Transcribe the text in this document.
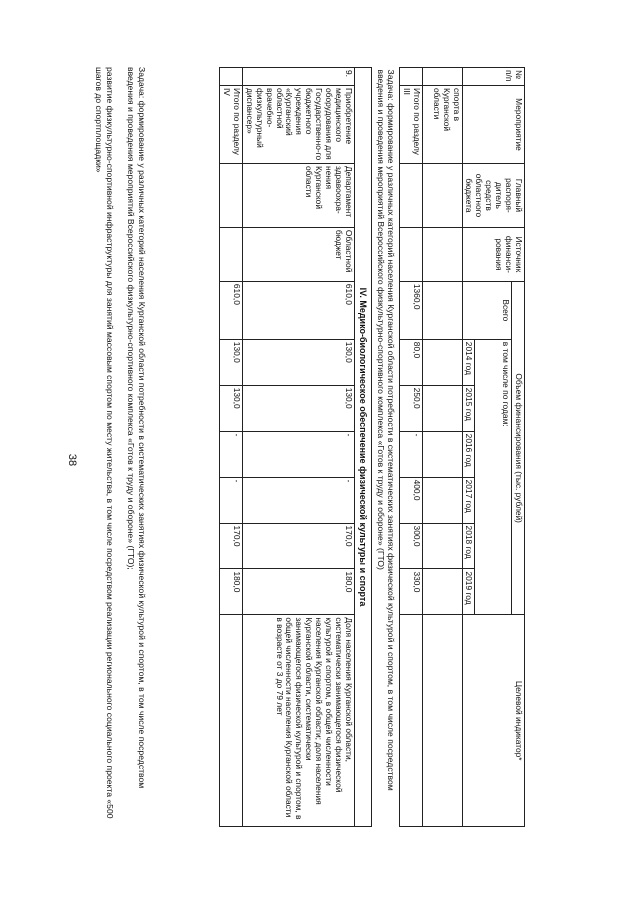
38
№ п/п	Мероприятие	Главный распоря-дитель средств областного бюджета	Источник финанси-рования	Объем финансирования (тыс. рублей)							Целевой индикатор*
				Всего	в том числе по годам:						
					2014 год	2015 год	2016 год	2017 год	2018 год	2019 год	
	спорта в Курганской области										
	Итого по разделу III			1360,0	80,0	250,0	-	400,0	300,0	330,0	
Задача: формирование у различных категорий населения Курганской области потребности в систематических занятиях физической культурой и спортом, в том числе посредством введения и проведения мероприятий Всероссийского физкультурно-спортивного комплекса «Готов к труду и обороне» (ГТО)											
IV. Медико-биологическое обеспечение физической культуры и спорта											
9.	Приобретение медицинского оборудования для Государственно-го бюджетного учреждения «Курганский областной врачебно-физкультурный диспансер»	Департамент здравоохра-нения Курганской области	Областной бюджет	610,0	130,0	130,0	-	-	170,0	180,0	Доля населения Курганской области, систематически занимающегося физической культурой и спортом, в общей численности населения Курганской области; доля населения Курганской области, систематически занимающегося физической культурой и спортом, в общей численности населения Курганской области в возрасте от 3 до 79 лет
	Итого по разделу IV			610,0	130,0	130,0	-	-	170,0	180,0	
Задача: формирование у различных категорий населения Курганской области потребности в систематических занятиях физической культурой и спортом, в том числе посредством введения и проведения мероприятий Всероссийского физкультурно-спортивного комплекса «Готов к труду и обороне» (ГТО);
развитие физкультурно-спортивной инфраструктуры для занятий массовым спортом по месту жительства, в том числе посредством реализации регионального социального проекта «500 шагов до спортплощадки»
